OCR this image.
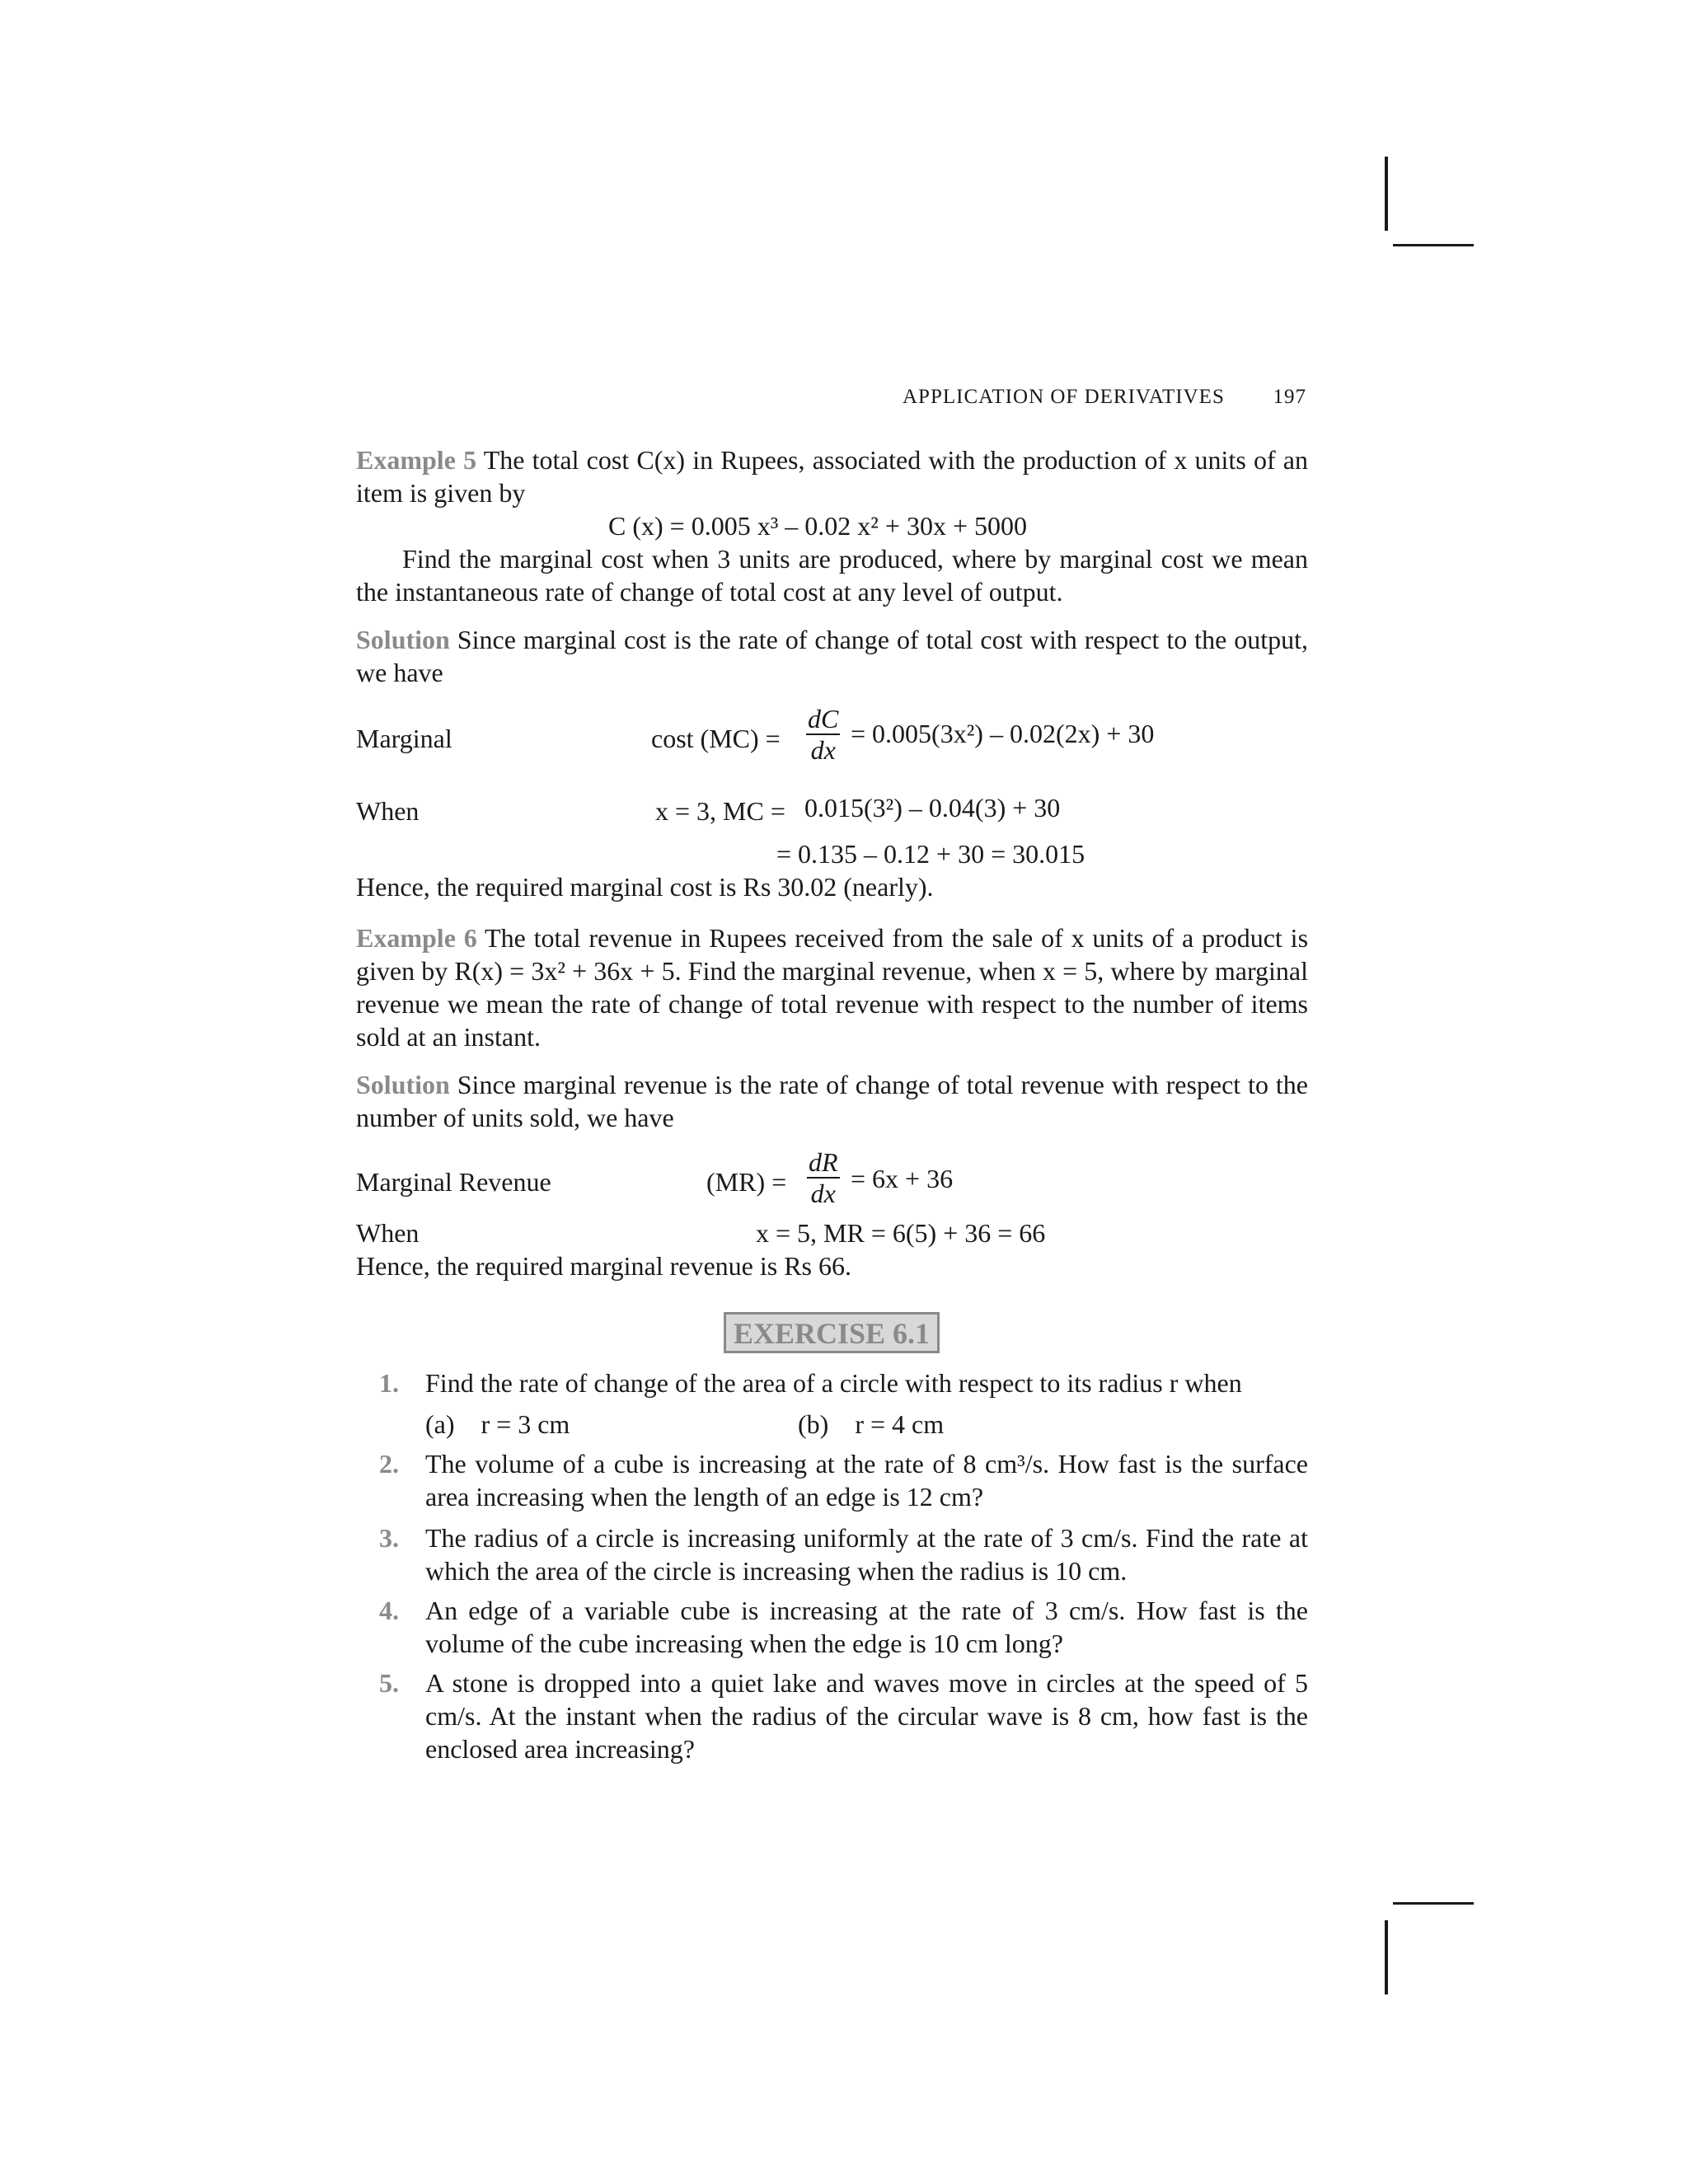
APPLICATION OF DERIVATIVES 197
Example 5 The total cost C(x) in Rupees, associated with the production of x units of an item is given by
C (x) = 0.005 x³ – 0.02 x² + 30x + 5000
Find the marginal cost when 3 units are produced, where by marginal cost we mean the instantaneous rate of change of total cost at any level of output.
Solution Since marginal cost is the rate of change of total cost with respect to the output, we have
Marginal	cost $(MC) = \frac{dC}{dx} = 0.005(3x^2) - 0.02(2x) + 30$
When	x = 3, MC = 0.015(3²) – 0.04(3) + 30
= 0.135 – 0.12 + 30 = 30.015
Hence, the required marginal cost is Rs 30.02 (nearly).
Example 6 The total revenue in Rupees received from the sale of x units of a product is given by R(x) = 3x² + 36x + 5. Find the marginal revenue, when x = 5, where by marginal revenue we mean the rate of change of total revenue with respect to the number of items sold at an instant.
Solution Since marginal revenue is the rate of change of total revenue with respect to the number of units sold, we have
Marginal Revenue	$(MR) = \frac{dR}{dx} = 6x + 36$
When	x = 5, MR = 6(5) + 36 = 66
Hence, the required marginal revenue is Rs 66.
EXERCISE 6.1
1. Find the rate of change of the area of a circle with respect to its radius r when
(a)    r = 3 cm	(b)    r = 4 cm
2. The volume of a cube is increasing at the rate of 8 cm³/s. How fast is the surface area increasing when the length of an edge is 12 cm?
3. The radius of a circle is increasing uniformly at the rate of 3 cm/s. Find the rate at which the area of the circle is increasing when the radius is 10 cm.
4. An edge of a variable cube is increasing at the rate of 3 cm/s. How fast is the volume of the cube increasing when the edge is 10 cm long?
5. A stone is dropped into a quiet lake and waves move in circles at the speed of 5 cm/s. At the instant when the radius of the circular wave is 8 cm, how fast is the enclosed area increasing?
